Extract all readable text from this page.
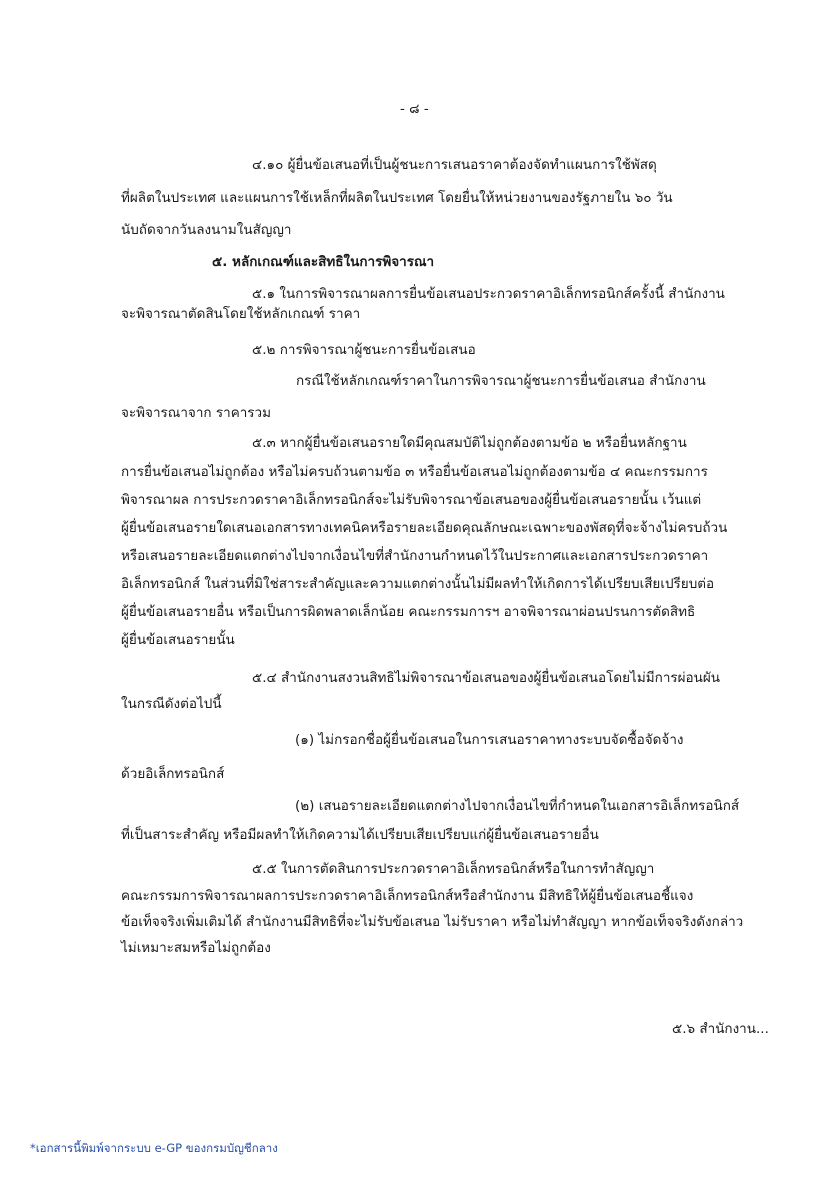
- ๘ -
๔.๑๐ ผู้ยื่นข้อเสนอที่เป็นผู้ชนะการเสนอราคาต้องจัดทำแผนการใช้พัสดุ
ที่ผลิตในประเทศ และแผนการใช้เหล็กที่ผลิตในประเทศ โดยยื่นให้หน่วยงานของรัฐภายใน ๖๐ วัน
นับถัดจากวันลงนามในสัญญา
๕. หลักเกณฑ์และสิทธิในการพิจารณา
๕.๑ ในการพิจารณาผลการยื่นข้อเสนอประกวดราคาอิเล็กทรอนิกส์ครั้งนี้ สำนักงาน
จะพิจารณาตัดสินโดยใช้หลักเกณฑ์ ราคา
๕.๒ การพิจารณาผู้ชนะการยื่นข้อเสนอ
กรณีใช้หลักเกณฑ์ราคาในการพิจารณาผู้ชนะการยื่นข้อเสนอ สำนักงาน
จะพิจารณาจาก ราคารวม
๕.๓ หากผู้ยื่นข้อเสนอรายใดมีคุณสมบัติไม่ถูกต้องตามข้อ ๒ หรือยื่นหลักฐาน
การยื่นข้อเสนอไม่ถูกต้อง หรือไม่ครบถ้วนตามข้อ ๓ หรือยื่นข้อเสนอไม่ถูกต้องตามข้อ ๔ คณะกรรมการ
พิจารณาผล การประกวดราคาอิเล็กทรอนิกส์จะไม่รับพิจารณาข้อเสนอของผู้ยื่นข้อเสนอรายนั้น เว้นแต่
ผู้ยื่นข้อเสนอรายใดเสนอเอกสารทางเทคนิคหรือรายละเอียดคุณลักษณะเฉพาะของพัสดุที่จะจ้างไม่ครบถ้วน
หรือเสนอรายละเอียดแตกต่างไปจากเงื่อนไขที่สำนักงานกำหนดไว้ในประกาศและเอกสารประกวดราคา
อิเล็กทรอนิกส์ ในส่วนที่มิใช่สาระสำคัญและความแตกต่างนั้นไม่มีผลทำให้เกิดการได้เปรียบเสียเปรียบต่อ
ผู้ยื่นข้อเสนอรายอื่น หรือเป็นการผิดพลาดเล็กน้อย คณะกรรมการฯ อาจพิจารณาผ่อนปรนการตัดสิทธิ
ผู้ยื่นข้อเสนอรายนั้น
๕.๔ สำนักงานสงวนสิทธิไม่พิจารณาข้อเสนอของผู้ยื่นข้อเสนอโดยไม่มีการผ่อนผัน
ในกรณีดังต่อไปนี้
(๑) ไม่กรอกชื่อผู้ยื่นข้อเสนอในการเสนอราคาทางระบบจัดซื้อจัดจ้าง
ด้วยอิเล็กทรอนิกส์
(๒) เสนอรายละเอียดแตกต่างไปจากเงื่อนไขที่กำหนดในเอกสารอิเล็กทรอนิกส์
ที่เป็นสาระสำคัญ หรือมีผลทำให้เกิดความได้เปรียบเสียเปรียบแก่ผู้ยื่นข้อเสนอรายอื่น
๕.๕ ในการตัดสินการประกวดราคาอิเล็กทรอนิกส์หรือในการทำสัญญา
คณะกรรมการพิจารณาผลการประกวดราคาอิเล็กทรอนิกส์หรือสำนักงาน มีสิทธิให้ผู้ยื่นข้อเสนอชี้แจง
ข้อเท็จจริงเพิ่มเติมได้ สำนักงานมีสิทธิที่จะไม่รับข้อเสนอ ไม่รับราคา หรือไม่ทำสัญญา หากข้อเท็จจริงดังกล่าว
ไม่เหมาะสมหรือไม่ถูกต้อง
๕.๖ สำนักงาน...
*เอกสารนี้พิมพ์จากระบบ e-GP ของกรมบัญชีกลาง
